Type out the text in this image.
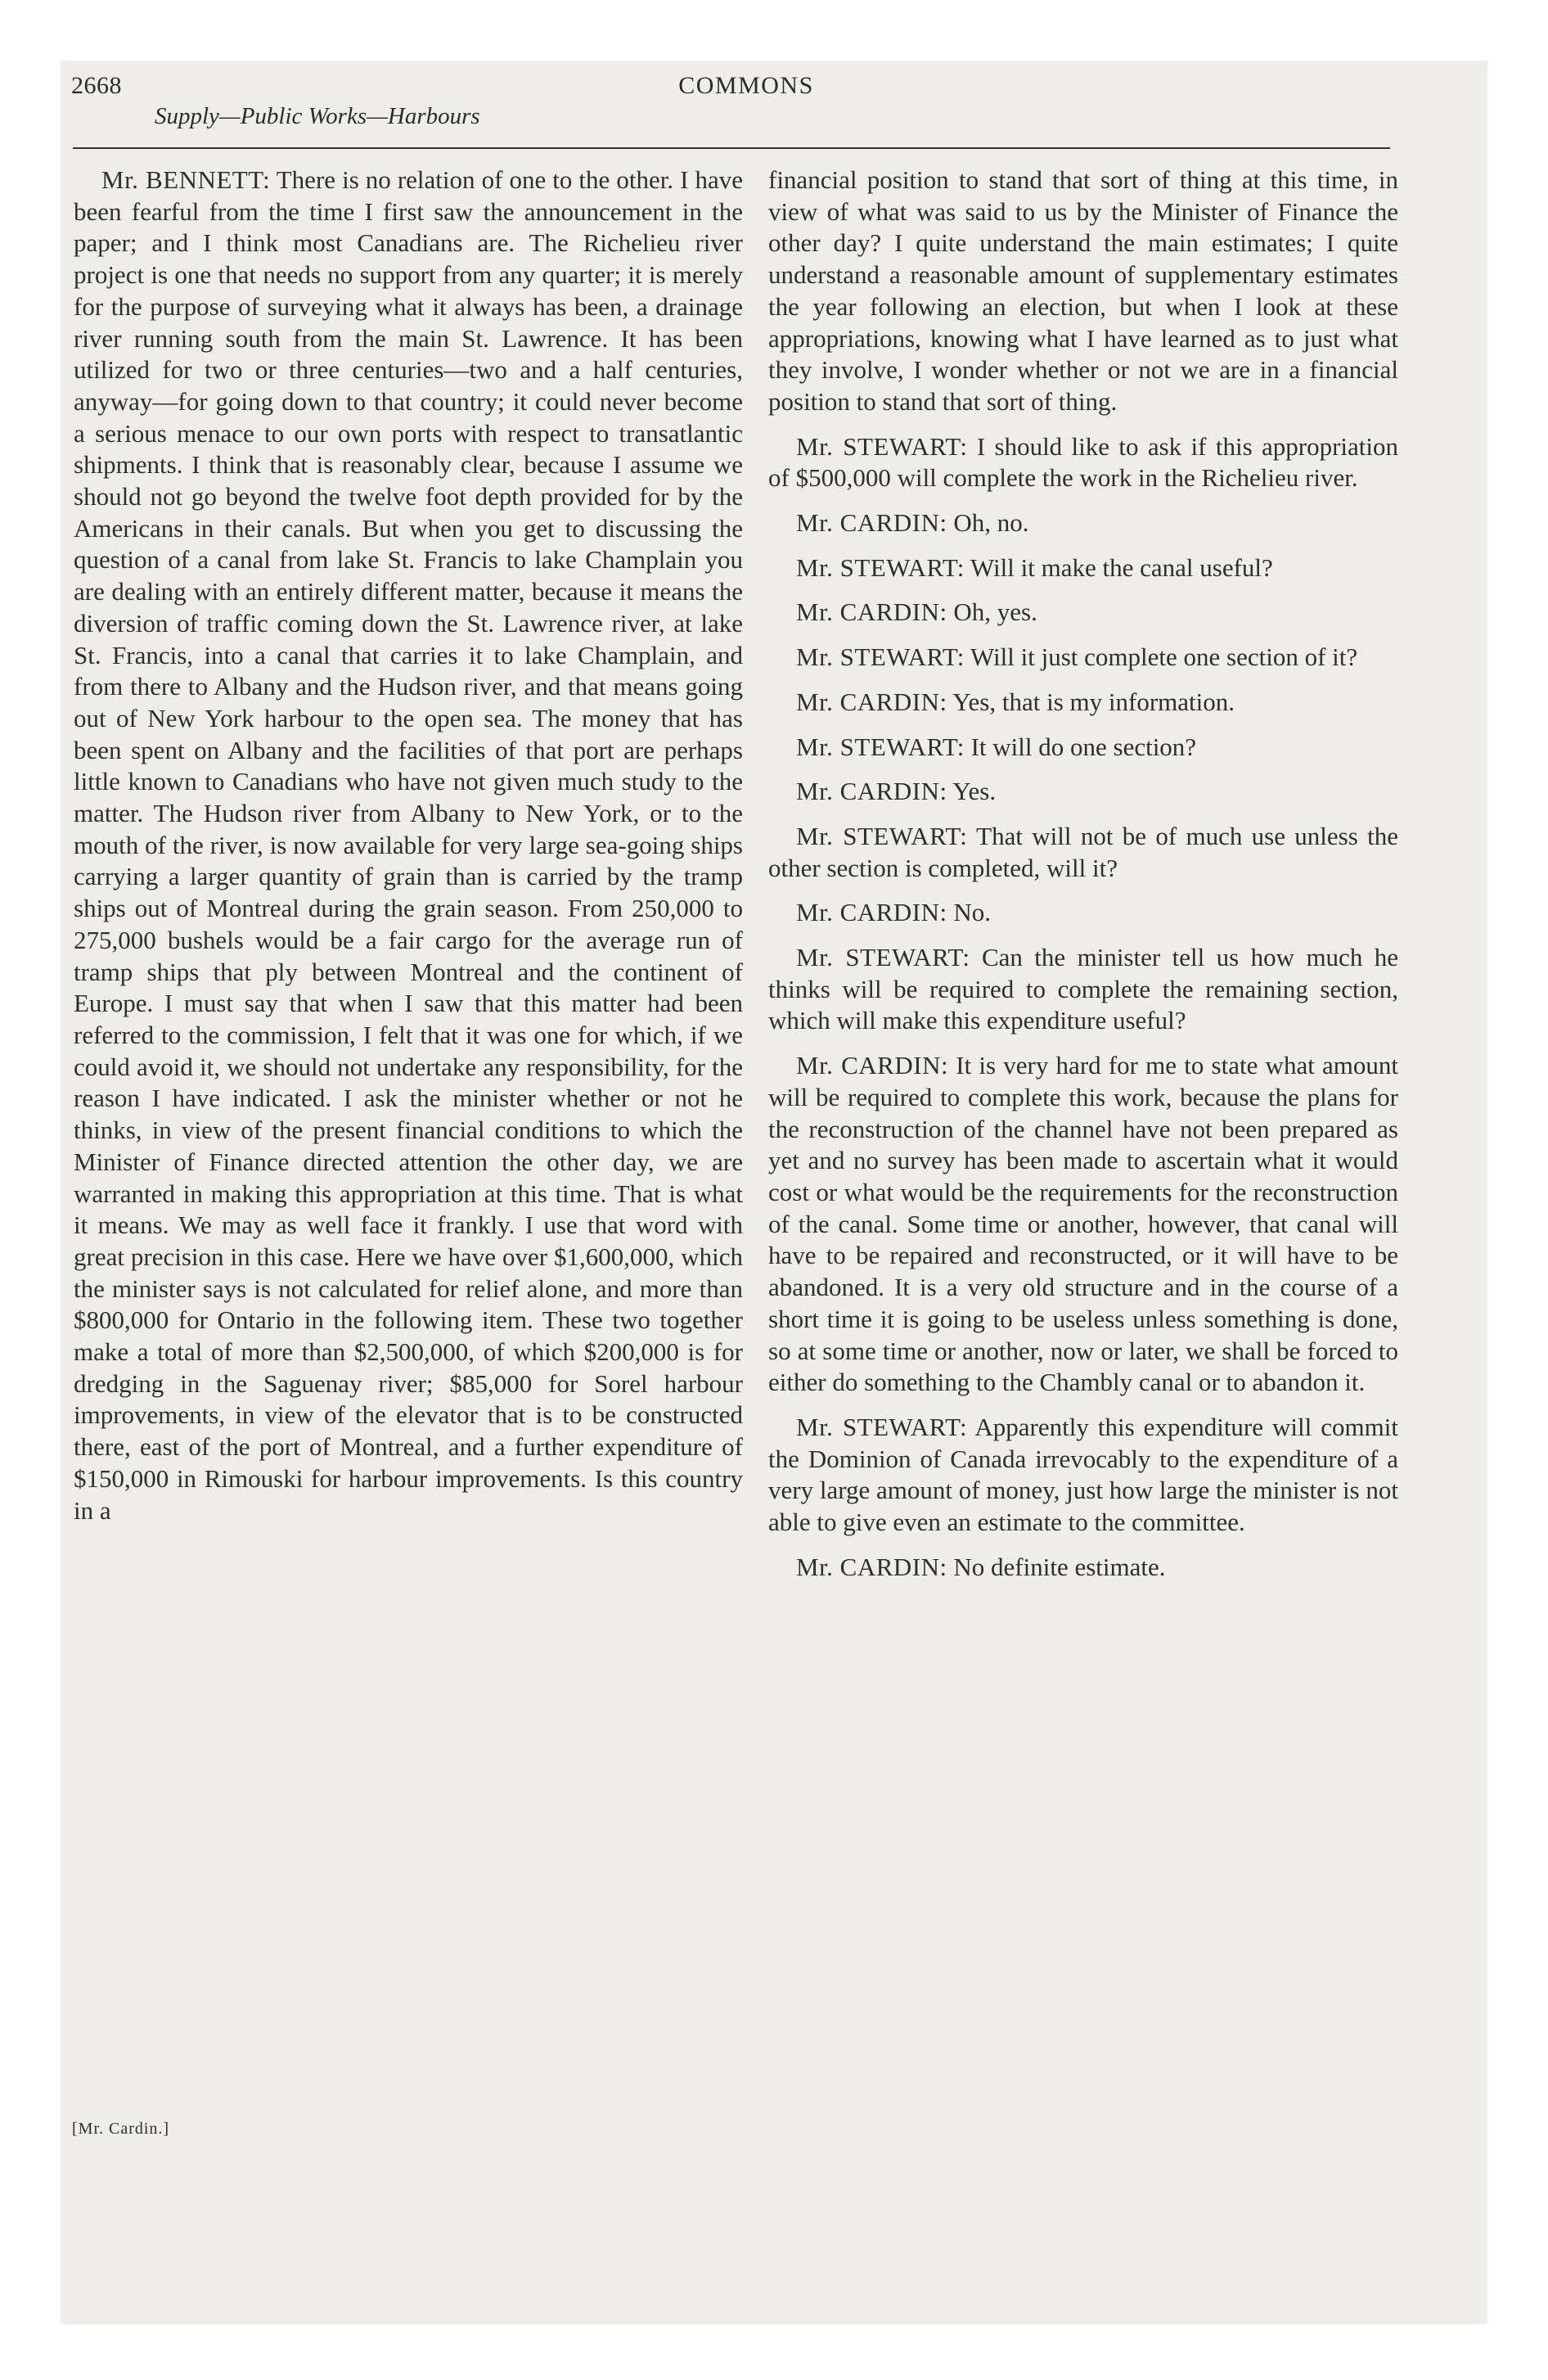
2668	COMMONS
Supply—Public Works—Harbours

Mr. BENNETT: There is no relation of one to the other. I have been fearful from the time I first saw the announcement in the paper; and I think most Canadians are. The Richelieu river project is one that needs no support from any quarter; it is merely for the purpose of surveying what it always has been, a drainage river running south from the main St. Lawrence. It has been utilized for two or three centuries—two and a half centuries, anyway—for going down to that country; it could never become a serious menace to our own ports with respect to transatlantic shipments. I think that is reasonably clear, because I assume we should not go beyond the twelve foot depth provided for by the Americans in their canals. But when you get to discussing the question of a canal from lake St. Francis to lake Champlain you are dealing with an entirely different matter, because it means the diversion of traffic coming down the St. Lawrence river, at lake St. Francis, into a canal that carries it to lake Champlain, and from there to Albany and the Hudson river, and that means going out of New York harbour to the open sea. The money that has been spent on Albany and the facilities of that port are perhaps little known to Canadians who have not given much study to the matter. The Hudson river from Albany to New York, or to the mouth of the river, is now available for very large sea-going ships carrying a larger quantity of grain than is carried by the tramp ships out of Montreal during the grain season. From 250,000 to 275,000 bushels would be a fair cargo for the average run of tramp ships that ply between Montreal and the continent of Europe. I must say that when I saw that this matter had been referred to the commission, I felt that it was one for which, if we could avoid it, we should not undertake any responsibility, for the reason I have indicated. I ask the minister whether or not he thinks, in view of the present financial conditions to which the Minister of Finance directed attention the other day, we are warranted in making this appropriation at this time. That is what it means. We may as well face it frankly. I use that word with great precision in this case. Here we have over $1,600,000, which the minister says is not calculated for relief alone, and more than $800,000 for Ontario in the following item. These two together make a total of more than $2,500,000, of which $200,000 is for dredging in the Saguenay river; $85,000 for Sorel harbour improvements, in view of the elevator that is to be constructed there, east of the port of Montreal, and a further expenditure of $150,000 in Rimouski for harbour improvements. Is this country in a

financial position to stand that sort of thing at this time, in view of what was said to us by the Minister of Finance the other day? I quite understand the main estimates; I quite understand a reasonable amount of supplementary estimates the year following an election, but when I look at these appropriations, knowing what I have learned as to just what they involve, I wonder whether or not we are in a financial position to stand that sort of thing.

Mr. STEWART: I should like to ask if this appropriation of $500,000 will complete the work in the Richelieu river.

Mr. CARDIN: Oh, no.

Mr. STEWART: Will it make the canal useful?

Mr. CARDIN: Oh, yes.

Mr. STEWART: Will it just complete one section of it?

Mr. CARDIN: Yes, that is my information.

Mr. STEWART: It will do one section?

Mr. CARDIN: Yes.

Mr. STEWART: That will not be of much use unless the other section is completed, will it?

Mr. CARDIN: No.

Mr. STEWART: Can the minister tell us how much he thinks will be required to complete the remaining section, which will make this expenditure useful?

Mr. CARDIN: It is very hard for me to state what amount will be required to complete this work, because the plans for the reconstruction of the channel have not been prepared as yet and no survey has been made to ascertain what it would cost or what would be the requirements for the reconstruction of the canal. Some time or another, however, that canal will have to be repaired and reconstructed, or it will have to be abandoned. It is a very old structure and in the course of a short time it is going to be useless unless something is done, so at some time or another, now or later, we shall be forced to either do something to the Chambly canal or to abandon it.

Mr. STEWART: Apparently this expenditure will commit the Dominion of Canada irrevocably to the expenditure of a very large amount of money, just how large the minister is not able to give even an estimate to the committee.

Mr. CARDIN: No definite estimate.

[Mr. Cardin.]
